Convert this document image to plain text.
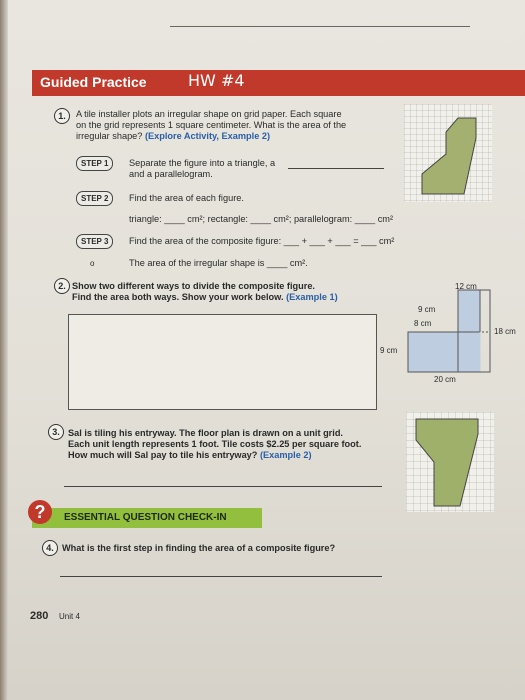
Guided Practice	HW #4
1.	A tile installer plots an irregular shape on grid paper. Each square
on the grid represents 1 square centimeter. What is the area of the
irregular shape? (Explore Activity, Example 2)
STEP 1	Separate the figure into a triangle, a
and a parallelogram.
STEP 2	Find the area of each figure.
triangle: ____ cm²; rectangle: ____ cm²; parallelogram: ____ cm²
STEP 3	Find the area of the composite figure: ___ + ___ + ___ = ___ cm²
o	The area of the irregular shape is ____ cm².
2. Show two different ways to divide the composite figure.
Find the area both ways. Show your work below. (Example 1)
12 cm
9 cm
8 cm
18 cm
9 cm
20 cm
3. Sal is tiling his entryway. The floor plan is drawn on a unit grid.
Each unit length represents 1 foot. Tile costs $2.25 per square foot.
How much will Sal pay to tile his entryway? (Example 2)
?	ESSENTIAL QUESTION CHECK-IN
4. What is the first step in finding the area of a composite figure?
280 Unit 4
